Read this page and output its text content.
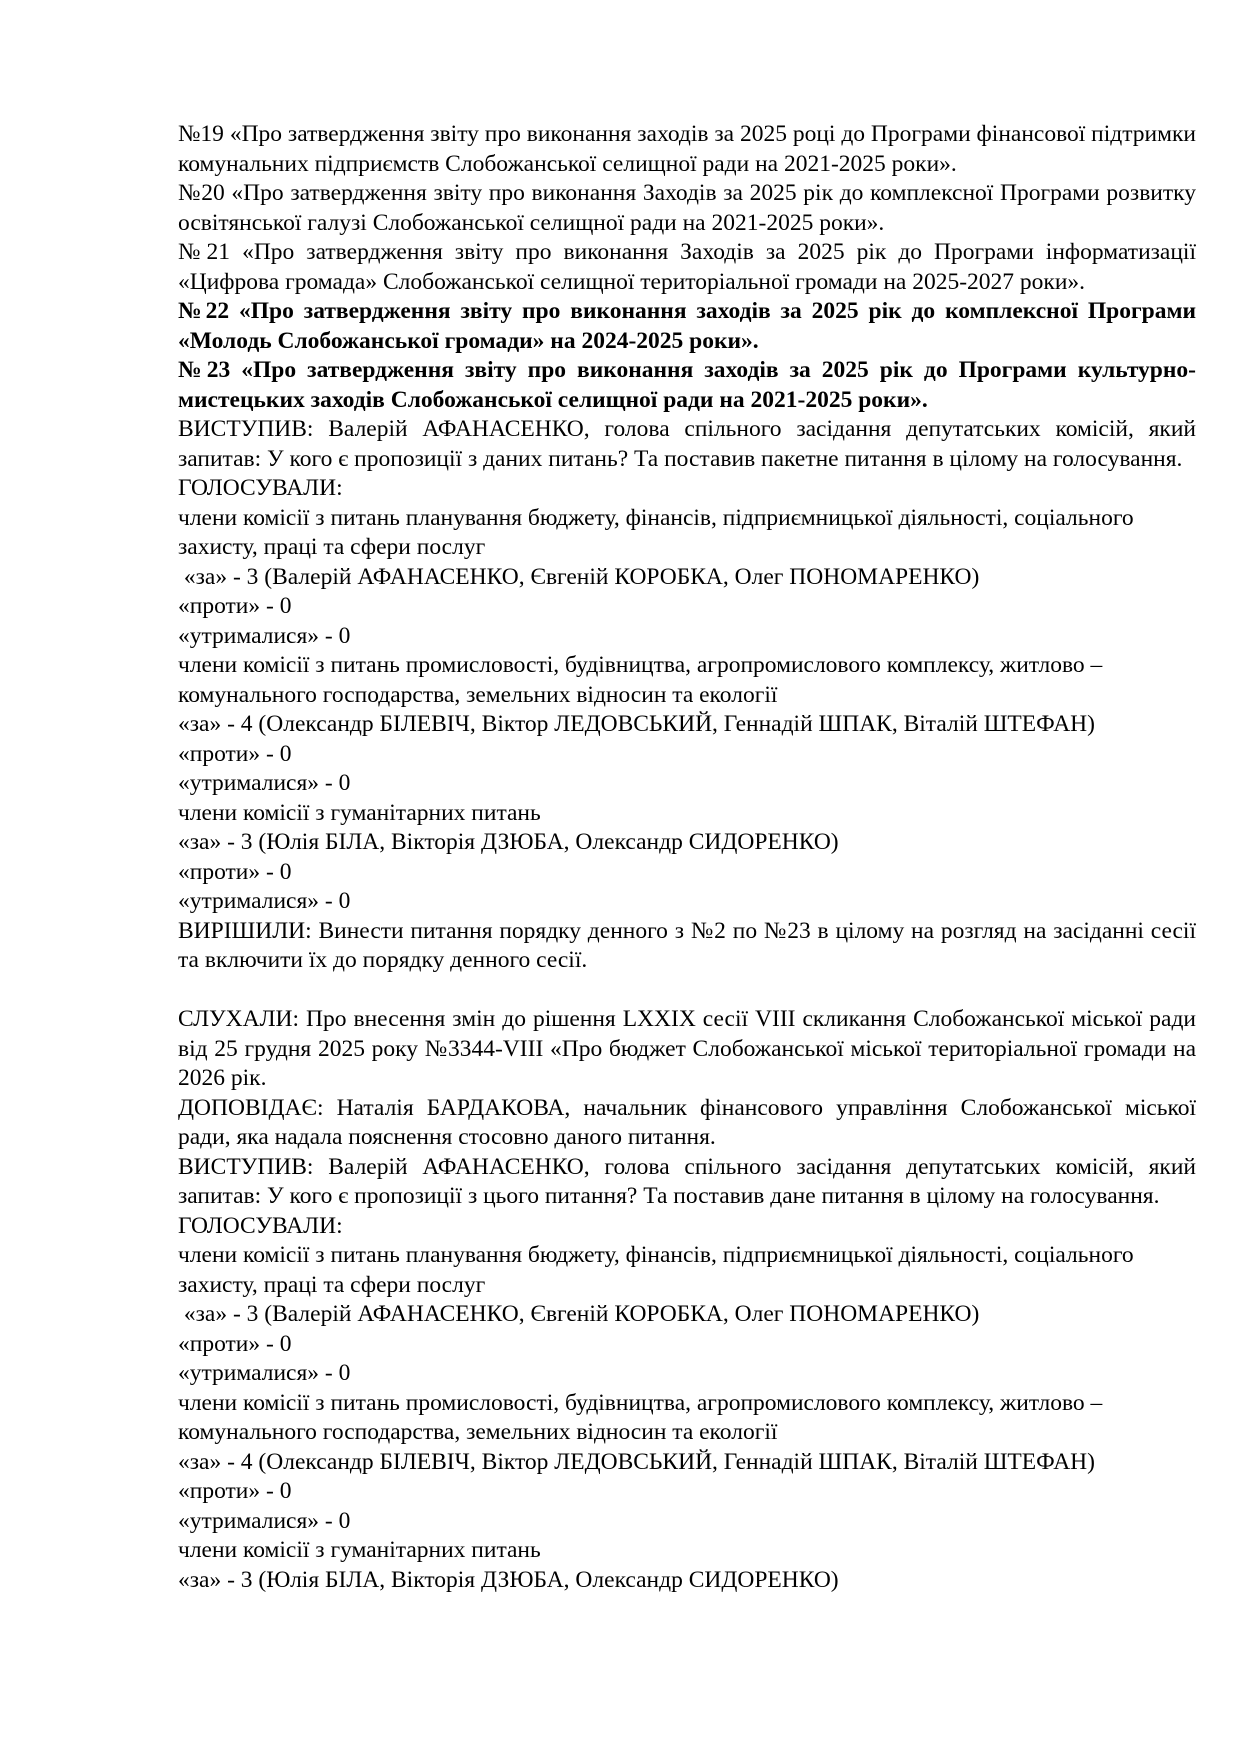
№19 «Про затвердження звіту про виконання заходів за 2025 році до Програми фінансової підтримки комунальних підприємств Слобожанської селищної ради на 2021-2025 роки».

№20 «Про затвердження звіту про виконання Заходів за 2025 рік до комплексної Програми розвитку освітянської галузі Слобожанської селищної ради на 2021-2025 роки».

№21 «Про затвердження звіту про виконання Заходів за 2025 рік до Програми інформатизації «Цифрова громада» Слобожанської селищної територіальної громади на 2025-2027 роки».

№22 «Про затвердження звіту про виконання заходів за 2025 рік до комплексної Програми «Молодь Слобожанської громади» на 2024-2025 роки».

№23 «Про затвердження звіту про виконання заходів за 2025 рік до Програми культурно-мистецьких заходів Слобожанської селищної ради на 2021-2025 роки».

ВИСТУПИВ: Валерій АФАНАСЕНКО, голова спільного засідання депутатських комісій, який запитав: У кого є пропозиції з даних питань? Та поставив пакетне питання в цілому на голосування.

ГОЛОСУВАЛИ:

члени комісії з питань планування бюджету, фінансів, підприємницької діяльності, соціального захисту, праці та сфери послуг

«за» - 3 (Валерій АФАНАСЕНКО, Євгеній КОРОБКА, Олег ПОНОМАРЕНКО)

«проти» - 0

«утрималися» - 0

члени комісії з питань промисловості, будівництва, агропромислового комплексу, житлово – комунального господарства, земельних відносин та екології

«за» - 4 (Олександр БІЛЕВІЧ, Віктор ЛЕДОВСЬКИЙ, Геннадій ШПАК, Віталій ШТЕФАН)

«проти» - 0

«утрималися» - 0

члени комісії з гуманітарних питань

«за» - 3 (Юлія БІЛА, Вікторія ДЗЮБА, Олександр СИДОРЕНКО)

«проти» - 0

«утрималися» - 0

ВИРІШИЛИ: Винести питання порядку денного з №2 по №23 в цілому на розгляд на засіданні сесії та включити їх до порядку денного сесії.

СЛУХАЛИ: Про внесення змін до рішення LXXIX сесії VIII скликання Слобожанської міської ради від 25 грудня 2025 року №3344-VIII «Про бюджет Слобожанської міської територіальної громади на 2026 рік.

ДОПОВІДАЄ: Наталія БАРДАКОВА, начальник фінансового управління Слобожанської міської ради, яка надала пояснення стосовно даного питання.

ВИСТУПИВ: Валерій АФАНАСЕНКО, голова спільного засідання депутатських комісій, який запитав: У кого є пропозиції з цього питання? Та поставив дане питання в цілому на голосування.

ГОЛОСУВАЛИ:

члени комісії з питань планування бюджету, фінансів, підприємницької діяльності, соціального захисту, праці та сфери послуг

«за» - 3 (Валерій АФАНАСЕНКО, Євгеній КОРОБКА, Олег ПОНОМАРЕНКО)

«проти» - 0

«утрималися» - 0

члени комісії з питань промисловості, будівництва, агропромислового комплексу, житлово – комунального господарства, земельних відносин та екології

«за» - 4 (Олександр БІЛЕВІЧ, Віктор ЛЕДОВСЬКИЙ, Геннадій ШПАК, Віталій ШТЕФАН)

«проти» - 0

«утрималися» - 0

члени комісії з гуманітарних питань

«за» - 3 (Юлія БІЛА, Вікторія ДЗЮБА, Олександр СИДОРЕНКО)
